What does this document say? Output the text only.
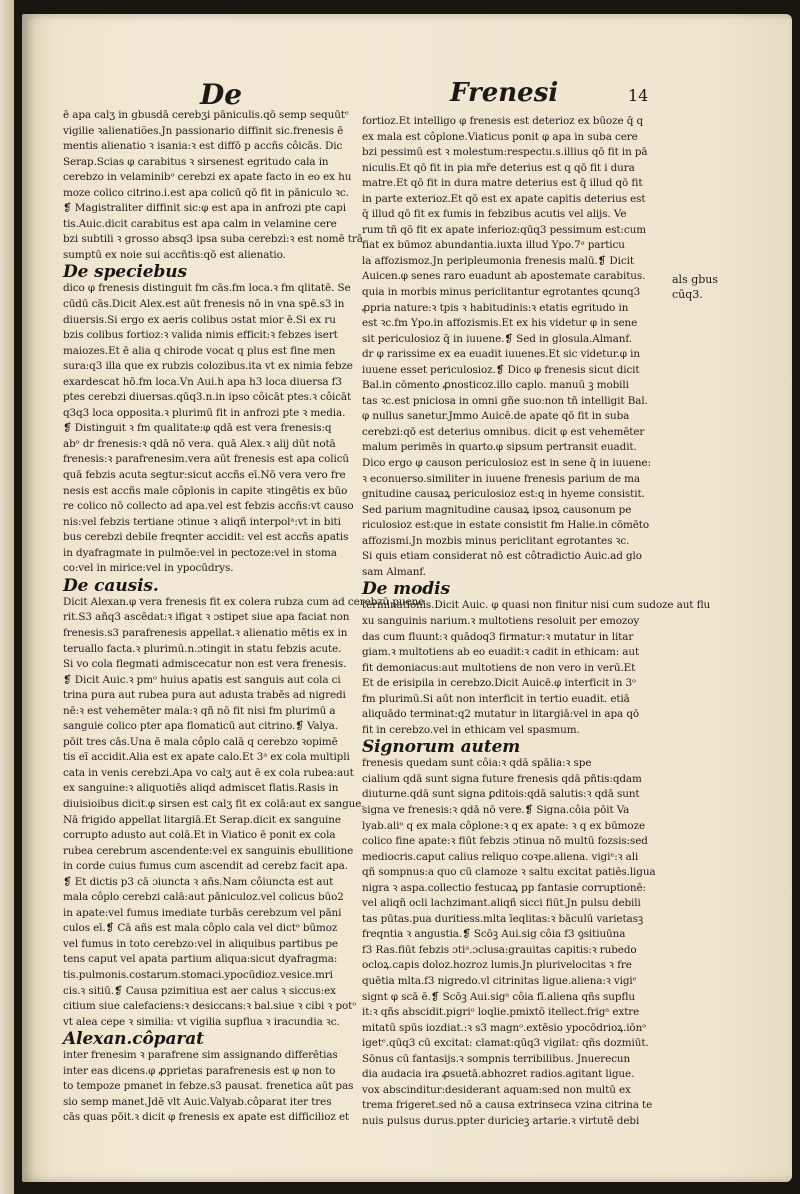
De	Frenesi	14

ē apa calʒ in gbusdā cerebʒi pāniculis.qō semp sequūtᵉ

vigilie ꝛalienatiões.Jn passionario diffinit sic.frenesis ē

mentis alienatio ꝛ isania:ꝛ est diffō p accñs côicās. Dic

Serap.Scias φ carabitus ꝛ sirsenest egritudo cala in

cerebzo in velaminibᵒ cerebzi ex apate facto in eo ex hu

moze colico citrino.i.est apa colicū qō fit in pāniculo ꝛc.

❡ Magistraliter diffinit sic:φ est apa in anfrozi pte capi

tis.Auic.dicit carabitus est apa calm in velamine cere

bzi subtili ꝛ grosso absq3 ipsa suba cerebzi:ꝛ est nomē trā

sumptū ex noie sui accñtis:qō est alienatio.

De speciebus

dico φ frenesis distinguit fm cās.fm loca.ꝛ fm qlitatē. Se

cūdū cās.Dicit Alex.est aūt frenesis nō in vna spē.s3 in

diuersis.Si ergo ex aeris colibus ɔstat mior ē.Si ex ru

bzis colibus fortioz:ꝛ valida nimis efficit:ꝛ febzes isert

maiozes.Et ē alia q chirode vocat q plus est fine men

sura:q3 illa que ex rubzis colozibus.ita vt ex nimia febze

exardescat hō.fm loca.Vn Aui.h apa h3 loca diuersa f3

ptes cerebzi diuersas.qūq3.n.in ipso côicāt ptes.ꝛ côicāt

q3q3 loca opposita.ꝛ plurimū fit in anfrozi pte ꝛ media.

❡ Distinguit ꝛ fm qualitate:φ qdā est vera frenesis:q

abᵒ dr frenesis:ꝛ qdā nō vera. quā Alex.ꝛ alij dūt notā

frenesis:ꝛ parafrenesim.vera aūt frenesis est apa colicū

quā febzis acuta segtur:sicut accñs eī.Nō vera vero fre

nesis est accñs male côplonis in capite ꝛtingētis ex būo

re colico nō collecto ad apa.vel est febzis accñs:vt causo

nis:vel febzis tertiane ɔtinue ꝛ aliqñ interpolᵃ:vt in biti

bus cerebzi debile freqnter accidit: vel est accñs apatis

in dyafragmate in pulmōe:vel in pectoze:vel in stoma

co:vel in mirice:vel in ypocūdrys.

De causis.

Dicit Alexan.φ vera frenesis fit ex colera rubza cum ad cerebzū puene

rit.S3 añq3 ascēdat:ꝛ ifigat ꝛ ɔstipet siue apa faciat non

frenesis.s3 parafrenesis appellat.ꝛ alienatio mētis ex in

teruallo facta.ꝛ plurimū.n.ɔtingit in statu febzis acute.

Si vo cola flegmati admiscecatur non est vera frenesis.

❡ Dicit Auic.ꝛ pmᵒ huius apatis est sanguis aut cola ci

trina pura aut rubea pura aut adusta trabēs ad nigredi

nē:ꝛ est vehemēter mala:ꝛ qñ nō fit nisi fm plurimū a

sanguie colico pter apa flomaticū aut citrino.❡ Valya.

pōit tres cās.Una ē mala côplo calā q cerebzo ꝛopimē

tis eī accidit.Alia est ex apate calo.Et 3ᵃ ex cola multipli

cata in venis cerebzi.Apa vo calʒ aut ē ex cola rubea:aut

ex sanguine:ꝛ aliquotiēs aliqd admiscet flatis.Rasis in

diuisioibus dicit.φ sirsen est calʒ fit ex colā:aut ex sangue.

Nā frigido appellat litargiā.Et Serap.dicit ex sanguine

corrupto adusto aut colā.Et in Viatico ē ponit ex cola

rubea cerebrum ascendente:vel ex sanguinis ebullitione

in corde cuius fumus cum ascendit ad cerebz facit apa.

❡ Et dictis p3 cā ɔiuncta ꝛ añs.Nam côiuncta est aut

mala côplo cerebzi calā:aut pāniculoz.vel colicus būo2

in apate:vel fumus imediate turbās cerebzum vel pāni

culos eī.❡ Cā añs est mala côplo cala vel dictᵒ būmoz

vel fumus in toto cerebzo:vel in aliquibus partibus pe

tens caput vel apata partium aliqua:sicut dyafragma:

tis.pulmonis.costarum.stomaci.ypocūdioz.vesice.mri

cis.ꝛ sitiū.❡ Causa pzimitiua est aer calus ꝛ siccus:ex

citium siue calefaciens:ꝛ desiccans:ꝛ bal.siue ꝛ cibi ꝛ potᵒ

vt alea cepe ꝛ similia: vt vigilia supflua ꝛ iracundia ꝛc.

Alexan.côparat

inter frenesim ꝛ parafrene sim assignando differētias

inter eas dicens.φ ꝓprietas parafrenesis est φ non to

to tempoze pmanet in febze.s3 pausat. frenetica aūt pas

sio semp manet.Jdē vlt Auic.Valyab.côparat iter tres

cās quas pōit.ꝛ dicit φ frenesis ex apate est difficilioz et

fortioz.Et intelligo φ frenesis est deterioz ex būoze q̄ q

ex mala est côplone.Viaticus ponit φ apa in suba cere

bzi pessimū est ꝛ molestum:respectu.s.illius qō fit in pā

niculis.Et qō fit in pia mře deterius est q qō fit i dura

matre.Et qō fit in dura matre deterius est q̄ illud qō fit

in parte exterioz.Et qō est ex apate capitis deterius est

q̄ illud qō fit ex fumis in febzibus acutis vel alijs. Ve

rum tñ qō fit ex apate inferioz:qūq3 pessimum est:cum

fiat ex būmoz abundantia.iuxta illud Ypo.7ᵃ particu

la affozismoz.Jn peripleumonia frenesis malū.❡ Dicit

Auicen.φ senes raro euadunt ab apostemate carabitus.

quia in morbis minus periclitantur egrotantes qcunq3

ꝓpria nature:ꝛ tpis ꝛ habitudinis:ꝛ etatis egritudo in

est ꝛc.fm Ypo.in affozismis.Et ex his videtur φ in sene

sit periculosioz q̄ in iuuene.❡ Sed in glosula.Almanf.

dr φ rarissime ex ea euadit iuuenes.Et sic videtur.φ in

iuuene esset periculosioz.❡ Dico φ frenesis sicut dicit

Bal.in cōmento ꝓnosticoz.illo caplo. manuū ꝫ mobili

tas ꝛc.est pniciosa in omni gñe suo:non tñ intelligit Bal.

φ nullus sanetur.Jmmo Auicē.de apate qō fit in suba

cerebzi:qō est deterius omnibus. dicit φ est vehemēter

malum perimēs in quarto.φ sipsum pertransit euadit.

Dico ergo φ causon periculosioz est in sene q̄ in iuuene:

ꝛ econuerso.similiter in iuuene frenesis parium de ma

gnitudine causaꝝ periculosioz est:q in hyeme consistit.

Sed parium magnitudine causaꝝ ipsoꝝ causonum pe

riculosioz est:que in estate consistit fm Halie.in cōmēto

affozismi.Jn mozbis minus periclitant egrotantes ꝛc.

Si quis etiam considerat nō est côtradictio Auic.ad glo

sam Almanf.

De modis

terminationis.Dicit Auic. φ quasi non finitur nisi cum sudoze aut flu

xu sanguinis narium.ꝛ multotiens resoluit per emozoy

das cum fluunt:ꝛ quādoq3 firmatur:ꝛ mutatur in litar

giam.ꝛ multotiens ab eo euadit:ꝛ cadit in ethicam: aut

fit demoniacus:aut multotiens de non vero in verū.Et

Et de erisipila in cerebzo.Dicit Auicē.φ interficit in 3ᵒ

fm plurimū.Si aūt non interficit in tertio euadit. etiā

aliquādo terminat:q2 mutatur in litargiā:vel in apa qō

fit in cerebzo.vel in ethicam vel spasmum.

Signorum autem

frenesis quedam sunt côia:ꝛ qdā spālia:ꝛ spe

cialium qdā sunt signa future frenesis qdā pñtis:qdam

diuturne.qdā sunt signa ꝑditois:qdā salutis:ꝛ qdā sunt

signa ve frenesis:ꝛ qdā nō vere.❡ Signa.côia pōit Va

lyab.aliᵒ q ex mala côplone:ꝛ q ex apate: ꝛ q ex būmoze

colico fine apate:ꝛ fiūt febzis ɔtinua nō multū fozsis:sed

mediocris.caput calius reliquo coꝛpe.aliena. vigiᵉ:ꝛ ali

qñ sompnus:a quo cū clamoze ꝛ saltu excitat patiēs.ligua

nigra ꝛ aspa.collectio festucaꝝ pp fantasie corruptionē:

vel aliqñ ocli lachzimant.aliqñ sicci fiūt.Jn pulsu debili

tas pūtas.pua duritiess.mlta īeqlitas:ꝛ bāculū varietasꝫ

freqntia ꝛ angustia.❡ Scōꝫ Aui.sig côia f3 ꝯsitiuūna

f3 Ras.fiūt febzis ɔtiᵃ.ɔclusa:grauitas capitis:ꝛ rubedo

ocloꝝ.capis doloz.hozroz lumis.Jn plurivelocitas ꝛ fre

quētia mlta.f3 nigredo.vl citrinitas ligue.aliena:ꝛ vigiᵉ

signt φ scā ē.❡ Scōꝫ Aui.sigᵃ côia fī.aliena qñs supflu

it:ꝛ qñs abscidit.pigriᵒ loqlie.pmixtō itellect.frigᵃ extre

mitatū spūs iozdiat.:ꝛ s3 magnᵒ.extēsio ypocōdrioꝝ.iōnᵒ

igetᵉ.qūq3 cū excitat: clamat:qūq3 vigilat: qñs dozmiūt.

Sōnus cū fantasijs.ꝛ sompnis terribilibus. Jnuerecun

dia audacia ira ꝓsuetā.abhozret radios.agitant ligue.

vox abscinditur:desiderant aquam:sed non multū ex

trema frigeret.sed nō a causa extrinseca vzina citrina te

nuis pulsus durus.ppter duricieꝫ artarie.ꝛ virtutē debi

als gbus cūq3.
